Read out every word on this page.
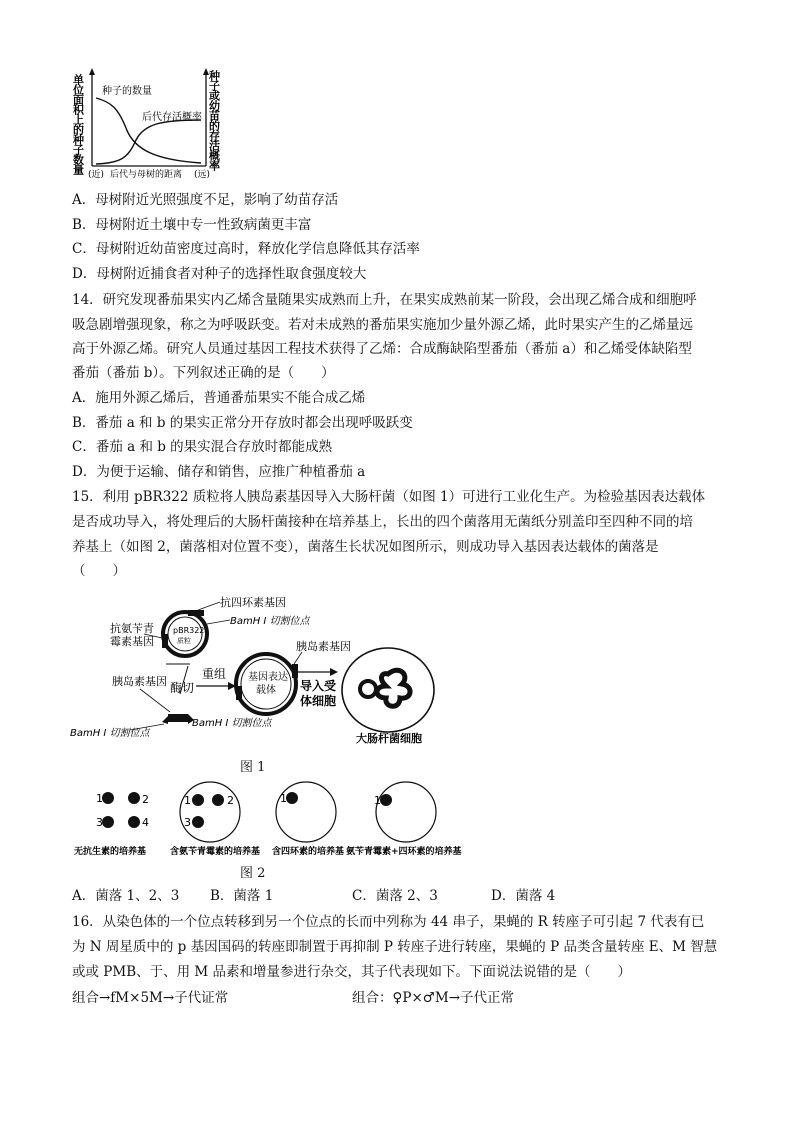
单位面积上的种子数量	种子或幼苗的存活概率
种子的数量
后代存活概率
(近) 后代与母树的距离 (远)
A．母树附近光照强度不足，影响了幼苗存活
B．母树附近土壤中专一性致病菌更丰富
C．母树附近幼苗密度过高时，释放化学信息降低其存活率
D．母树附近捕食者对种子的选择性取食强度较大
14．研究发现番茄果实内乙烯含量随果实成熟而上升，在果实成熟前某一阶段，会出现乙烯合成和细胞呼
吸急剧增强现象，称之为呼吸跃变。若对未成熟的番茄果实施加少量外源乙烯，此时果实产生的乙烯量远
高于外源乙烯。研究人员通过基因工程技术获得了乙烯：合成酶缺陷型番茄（番茄 a）和乙烯受体缺陷型
番茄（番茄 b）。下列叙述正确的是（　　）
A．施用外源乙烯后，普通番茄果实不能合成乙烯
B．番茄 a 和 b 的果实正常分开存放时都会出现呼吸跃变
C．番茄 a 和 b 的果实混合存放时都能成熟
D．为便于运输、储存和销售，应推广种植番茄 a
15．利用 pBR322 质粒将人胰岛素基因导入大肠杆菌（如图 1）可进行工业化生产。为检验基因表达载体
是否成功导入，将处理后的大肠杆菌接种在培养基上，长出的四个菌落用无菌纸分别盖印至四种不同的培
养基上（如图 2，菌落相对位置不变），菌落生长状况如图所示，则成功导入基因表达载体的菌落是
（　　）
pBR322
质粒
抗四环素基因
BamH Ⅰ 切割位点
抗氨苄青
霉素基因
胰岛素基因
BamH Ⅰ 切割位点
BamH Ⅰ 切割位点
酶切
重组 基因表达
载体
胰岛素基因
导入受
体细胞
大肠杆菌细胞
图 1
1	2
3	4
无抗生素的培养基
1	2
3
含氨苄青霉素的培养基
1
含四环素的培养基
1
氨苄青霉素+四环素的培养基
图 2
A．菌落 1、2、3 B．菌落 1	C．菌落 2、3	D．菌落 4
16．从染色体的一个位点转移到另一个位点的长而中列称为 44 串子，果蝇的 R 转座子可引起 7 代表有已
为 N 周星质中的 p 基因国码的转座即制置于再抑制 P 转座子进行转座，果蝇的 P 品类含量转座 E、M 智慧
或或 PMB、于、用 M 品素和增量参进行杂交，其子代表现如下。下面说法说错的是（　　）
组合→fM×5M→子代证常	组合：♀P×♂M→子代正常
